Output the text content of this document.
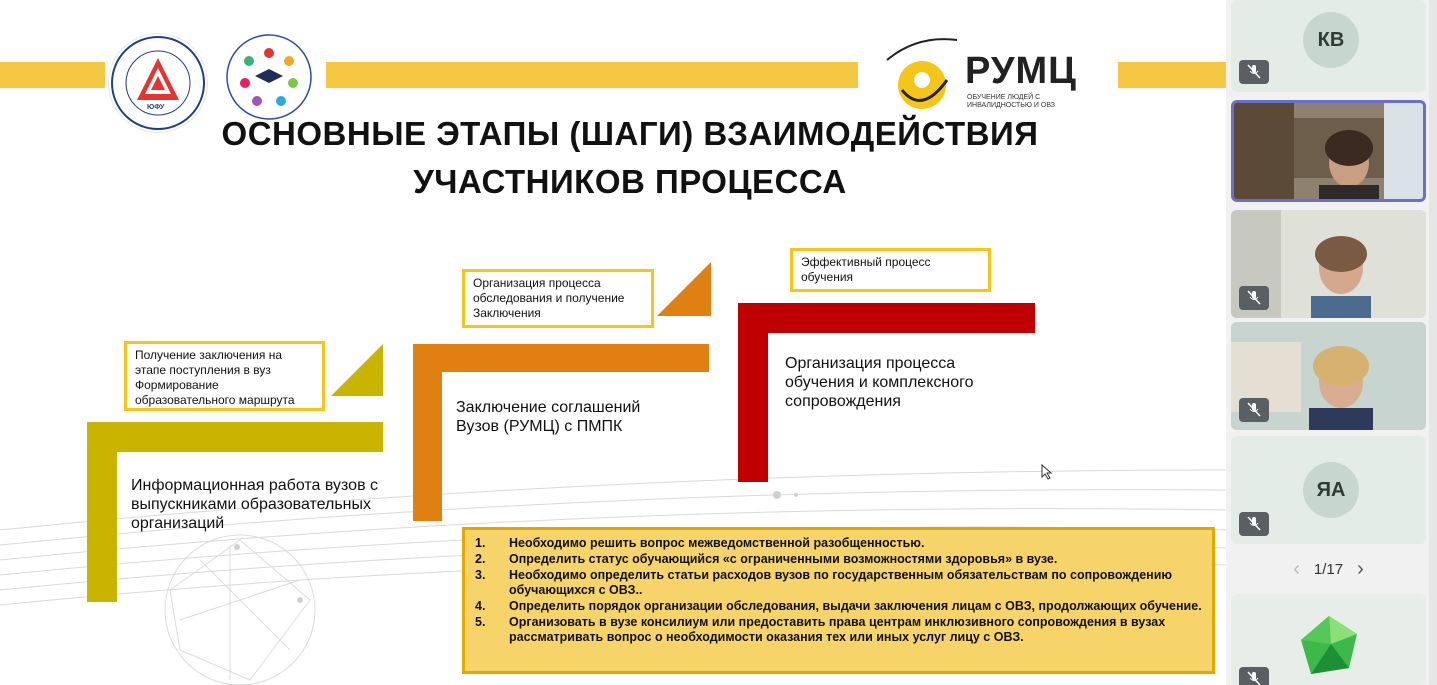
ЮФУ
РУМЦ
ОБУЧЕНИЕ ЛЮДЕЙ С ИНВАЛИДНОСТЬЮ И ОВЗ
ОСНОВНЫЕ ЭТАПЫ (ШАГИ) ВЗАИМОДЕЙСТВИЯ
УЧАСТНИКОВ ПРОЦЕССА
Получение заключения на этапе поступления в вуз Формирование образовательного маршрута
Информационная работа вузов с выпускниками образовательных организаций
Организация процесса обследования и получение Заключения
Заключение соглашений Вузов (РУМЦ) с ПМПК
Эффективный процесс обучения
Организация процесса обучения и комплексного сопровождения
1.	Необходимо решить вопрос межведомственной разобщенностью.
2.	Определить статус обучающийся «с ограниченными возможностями здоровья» в вузе.
3.	Необходимо определить статьи расходов вузов по государственным обязательствам по сопровождению обучающихся с ОВЗ..
4.	Определить порядок организации обследования, выдачи заключения лицам с ОВЗ, продолжающих обучение.
5.	Организовать в вузе консилиум или предоставить права центрам инклюзивного сопровождения в вузах рассматривать вопрос о необходимости оказания тех или иных услуг лицу с ОВЗ.
КВ
ЯА
‹ 1/17 ›
